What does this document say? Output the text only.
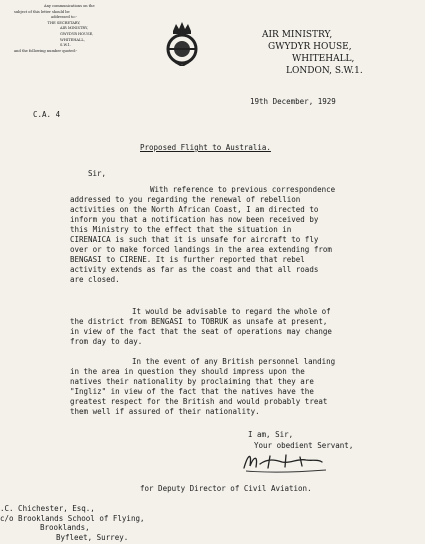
Any communications on the
subject of this letter should be
addressed to:-
THE SECRETARY,
AIR MINISTRY,
GWYDYR HOUSE,
WHITEHALL,
S.W.1.
and the following number quoted:-
AIR MINISTRY,
GWYDYR HOUSE,
WHITEHALL,
LONDON, S.W.1.
19th December, 1929
C.A. 4
Proposed Flight to Australia.
Sir,
With reference to previous correspondence
addressed to you regarding the renewal of rebellion
activities on the North African Coast, I am directed to
inform you that a notification has now been received by
this Ministry to the effect that the situation in
CIRENAICA is such that it is unsafe for aircraft to fly
over or to make forced landings in the area extending from
BENGASI to CIRENE. It is further reported that rebel
activity extends as far as the coast and that all roads
are closed.
It would be advisable to regard the whole of
the district from BENGASI to TOBRUK as unsafe at present,
in view of the fact that the seat of operations may change
from day to day.
In the event of any British personnel landing
in the area in question they should impress upon the
natives their nationality by proclaiming that they are
"Ingliz" in view of the fact that the natives have the
greatest respect for the British and would probably treat
them well if assured of their nationality.
I am, Sir,
Your obedient Servant,
for Deputy Director of Civil Aviation.
.C. Chichester, Esq.,
c/o Brooklands School of Flying,
Brooklands,
Byfleet, Surrey.
